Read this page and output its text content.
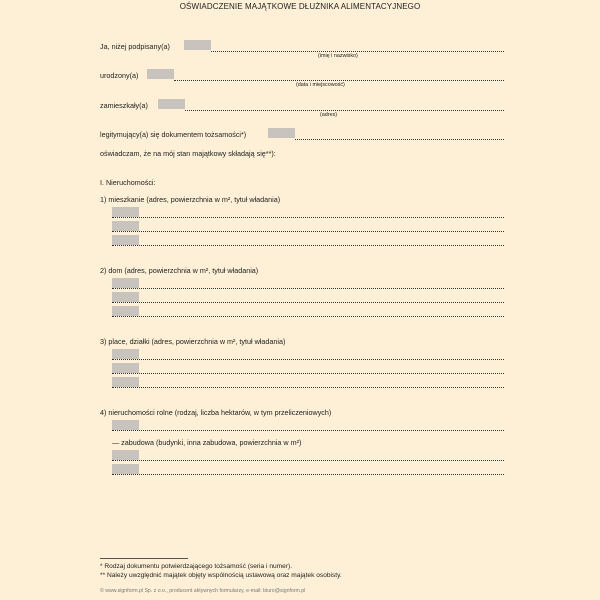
OŚWIADCZENIE MAJĄTKOWE DŁUŻNIKA ALIMENTACYJNEGO
Ja, niżej podpisany(a)
(imię i nazwisko)
urodzony(a)
(data i miejscowość)
zamieszkały(a)
(adres)
legitymujący(a) się dokumentem tożsamości*)
oświadczam, że na mój stan majątkowy składają się**):
I. Nieruchomości:
1) mieszkanie (adres, powierzchnia w m², tytuł władania)
2) dom (adres, powierzchnia w m², tytuł władania)
3) place, działki (adres, powierzchnia w m², tytuł władania)
4) nieruchomości rolne (rodzaj, liczba hektarów, w tym przeliczeniowych)
— zabudowa (budynki, inna zabudowa, powierzchnia w m²)
* Rodzaj dokumentu potwierdzającego tożsamość (seria i numer).
** Należy uwzględnić majątek objęty wspólnością ustawową oraz majątek osobisty.
© www.signform.pl Sp. z o.o., producent aktywnych formularzy, e-mail: biuro@signform.pl
